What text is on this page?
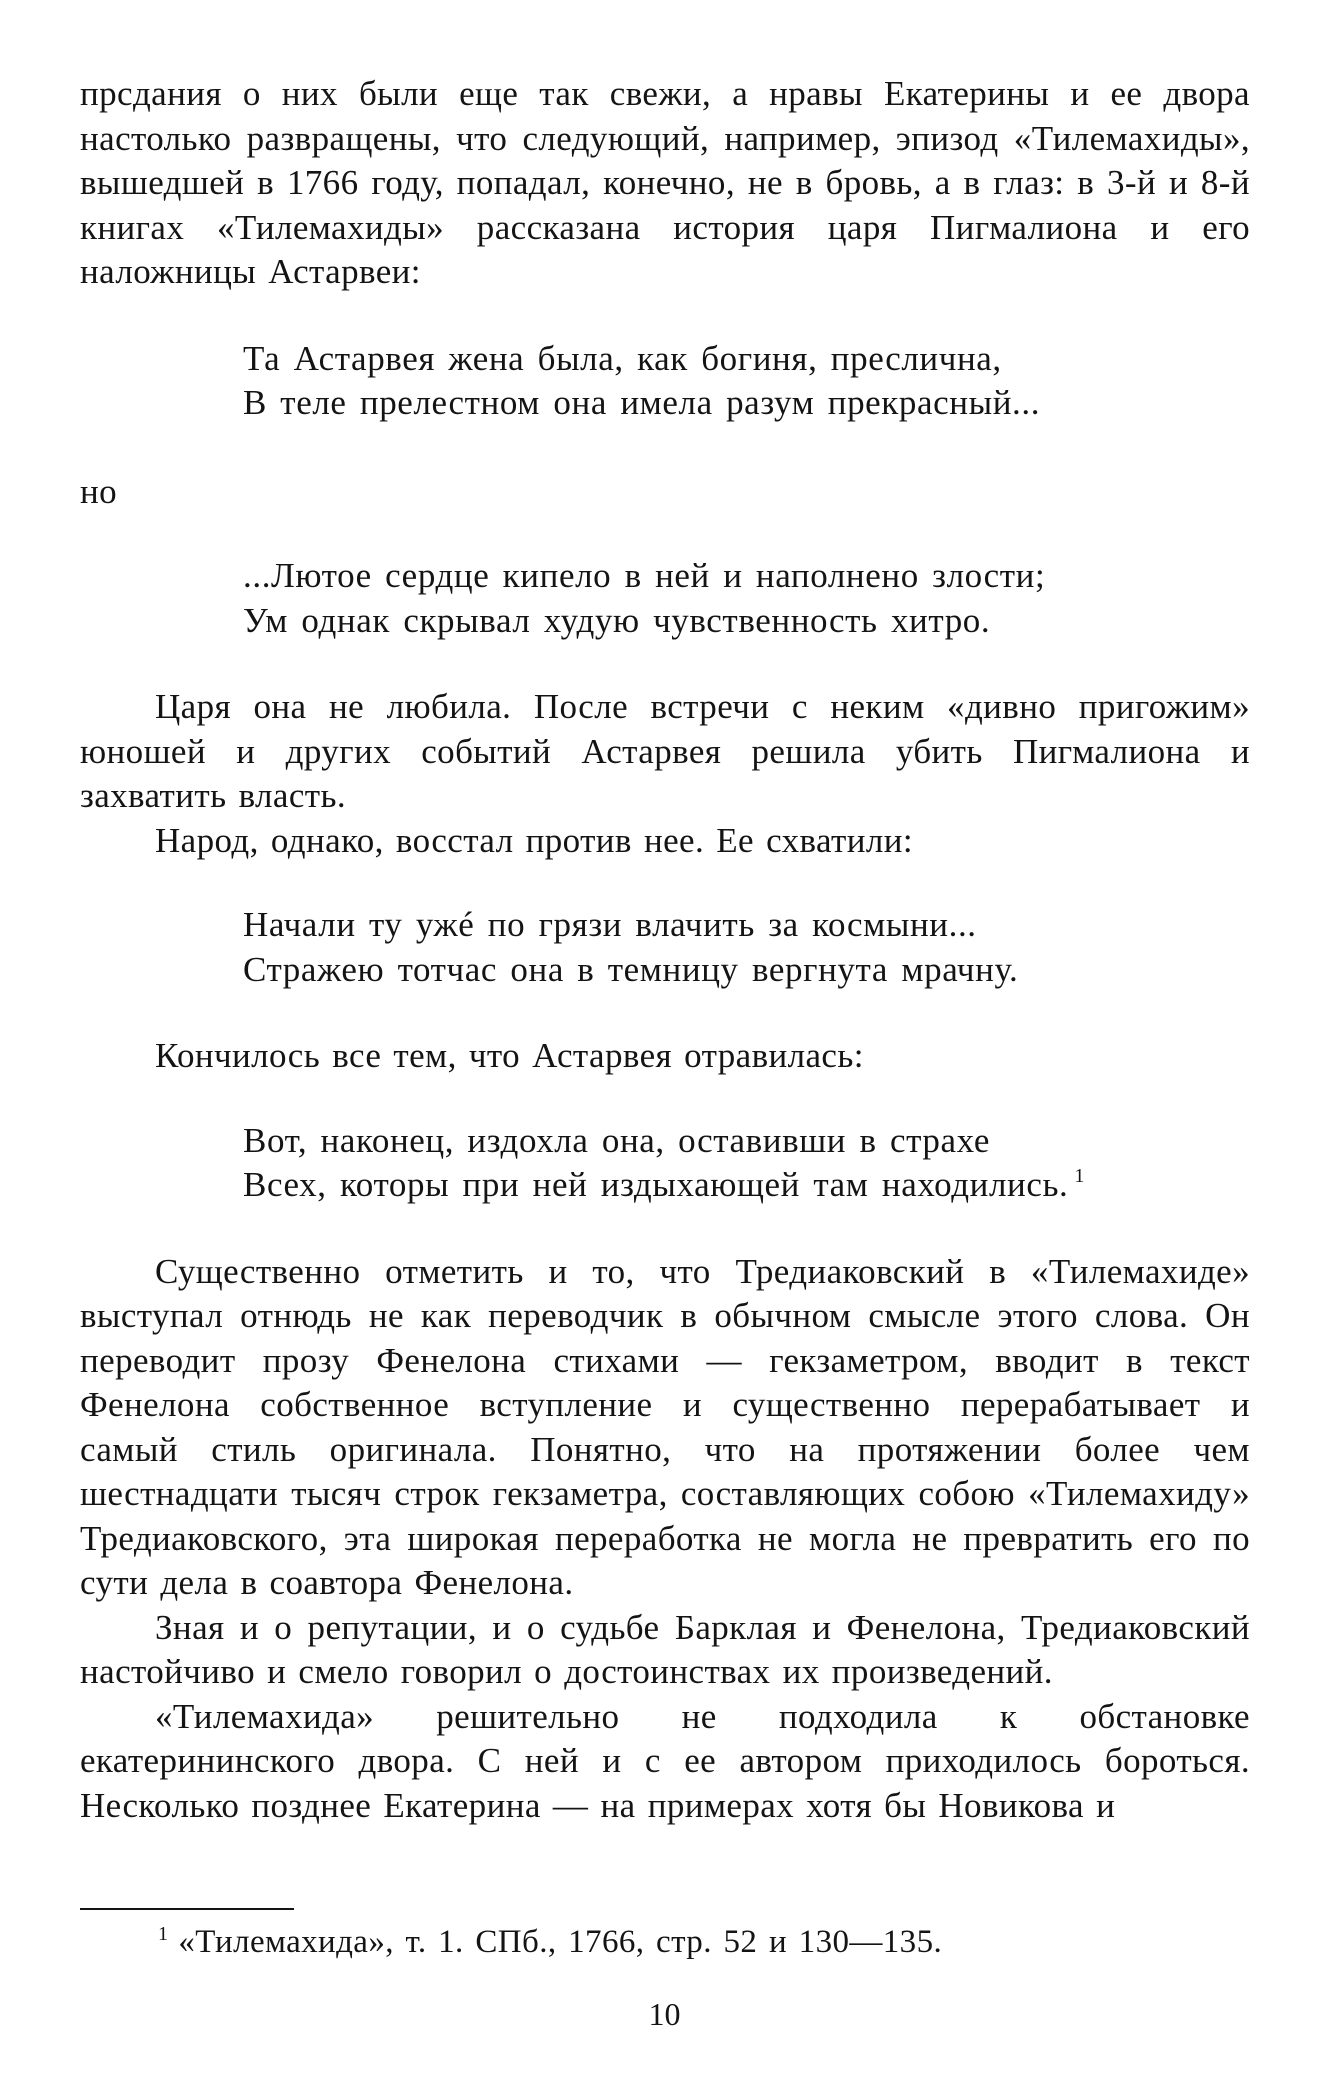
прсдания о них были еще так свежи, а нравы Екатерины и ее двора настолько развращены, что следующий, например, эпизод «Тилемахиды», вышедшей в 1766 году, попадал, конечно, не в бровь, а в глаз: в 3-й и 8-й книгах «Тилемахиды» рассказана история царя Пигмалиона и его наложницы Астарвеи:

Та Астарвея жена была, как богиня, преслична,
В теле прелестном она имела разум прекрасный...

но

...Лютое сердце кипело в ней и наполнено злости;
Ум однак скрывал худую чувственность хитро.

Царя она не любила. После встречи с неким «дивно пригожим» юношей и других событий Астарвея решила убить Пигмалиона и захватить власть.

Народ, однако, восстал против нее. Ее схватили:

Начали ту ужé по грязи влачить за космыни...
Стражею тотчас она в темницу вергнута мрачну.

Кончилось все тем, что Астарвея отравилась:

Вот, наконец, издохла она, оставивши в страхе
Всех, которы при ней издыхающей там находились. $^1$

Существенно отметить и то, что Тредиаковский в «Тилемахиде» выступал отнюдь не как переводчик в обычном смысле этого слова. Он переводит прозу Фенелона стихами — гекзаметром, вводит в текст Фенелона собственное вступление и существенно перерабатывает и самый стиль оригинала. Понятно, что на протяжении более чем шестнадцати тысяч строк гекзаметра, составляющих собою «Тилемахиду» Тредиаковского, эта широкая переработка не могла не превратить его по сути дела в соавтора Фенелона.

Зная и о репутации, и о судьбе Барклая и Фенелона, Тредиаковский настойчиво и смело говорил о достоинствах их произведений.

«Тилемахида» решительно не подходила к обстановке екатерининского двора. С ней и с ее автором приходилось бороться. Несколько позднее Екатерина — на примерах хотя бы Новикова и

$^1$ «Тилемахида», т. 1. СПб., 1766, стр. 52 и 130—135.
10
